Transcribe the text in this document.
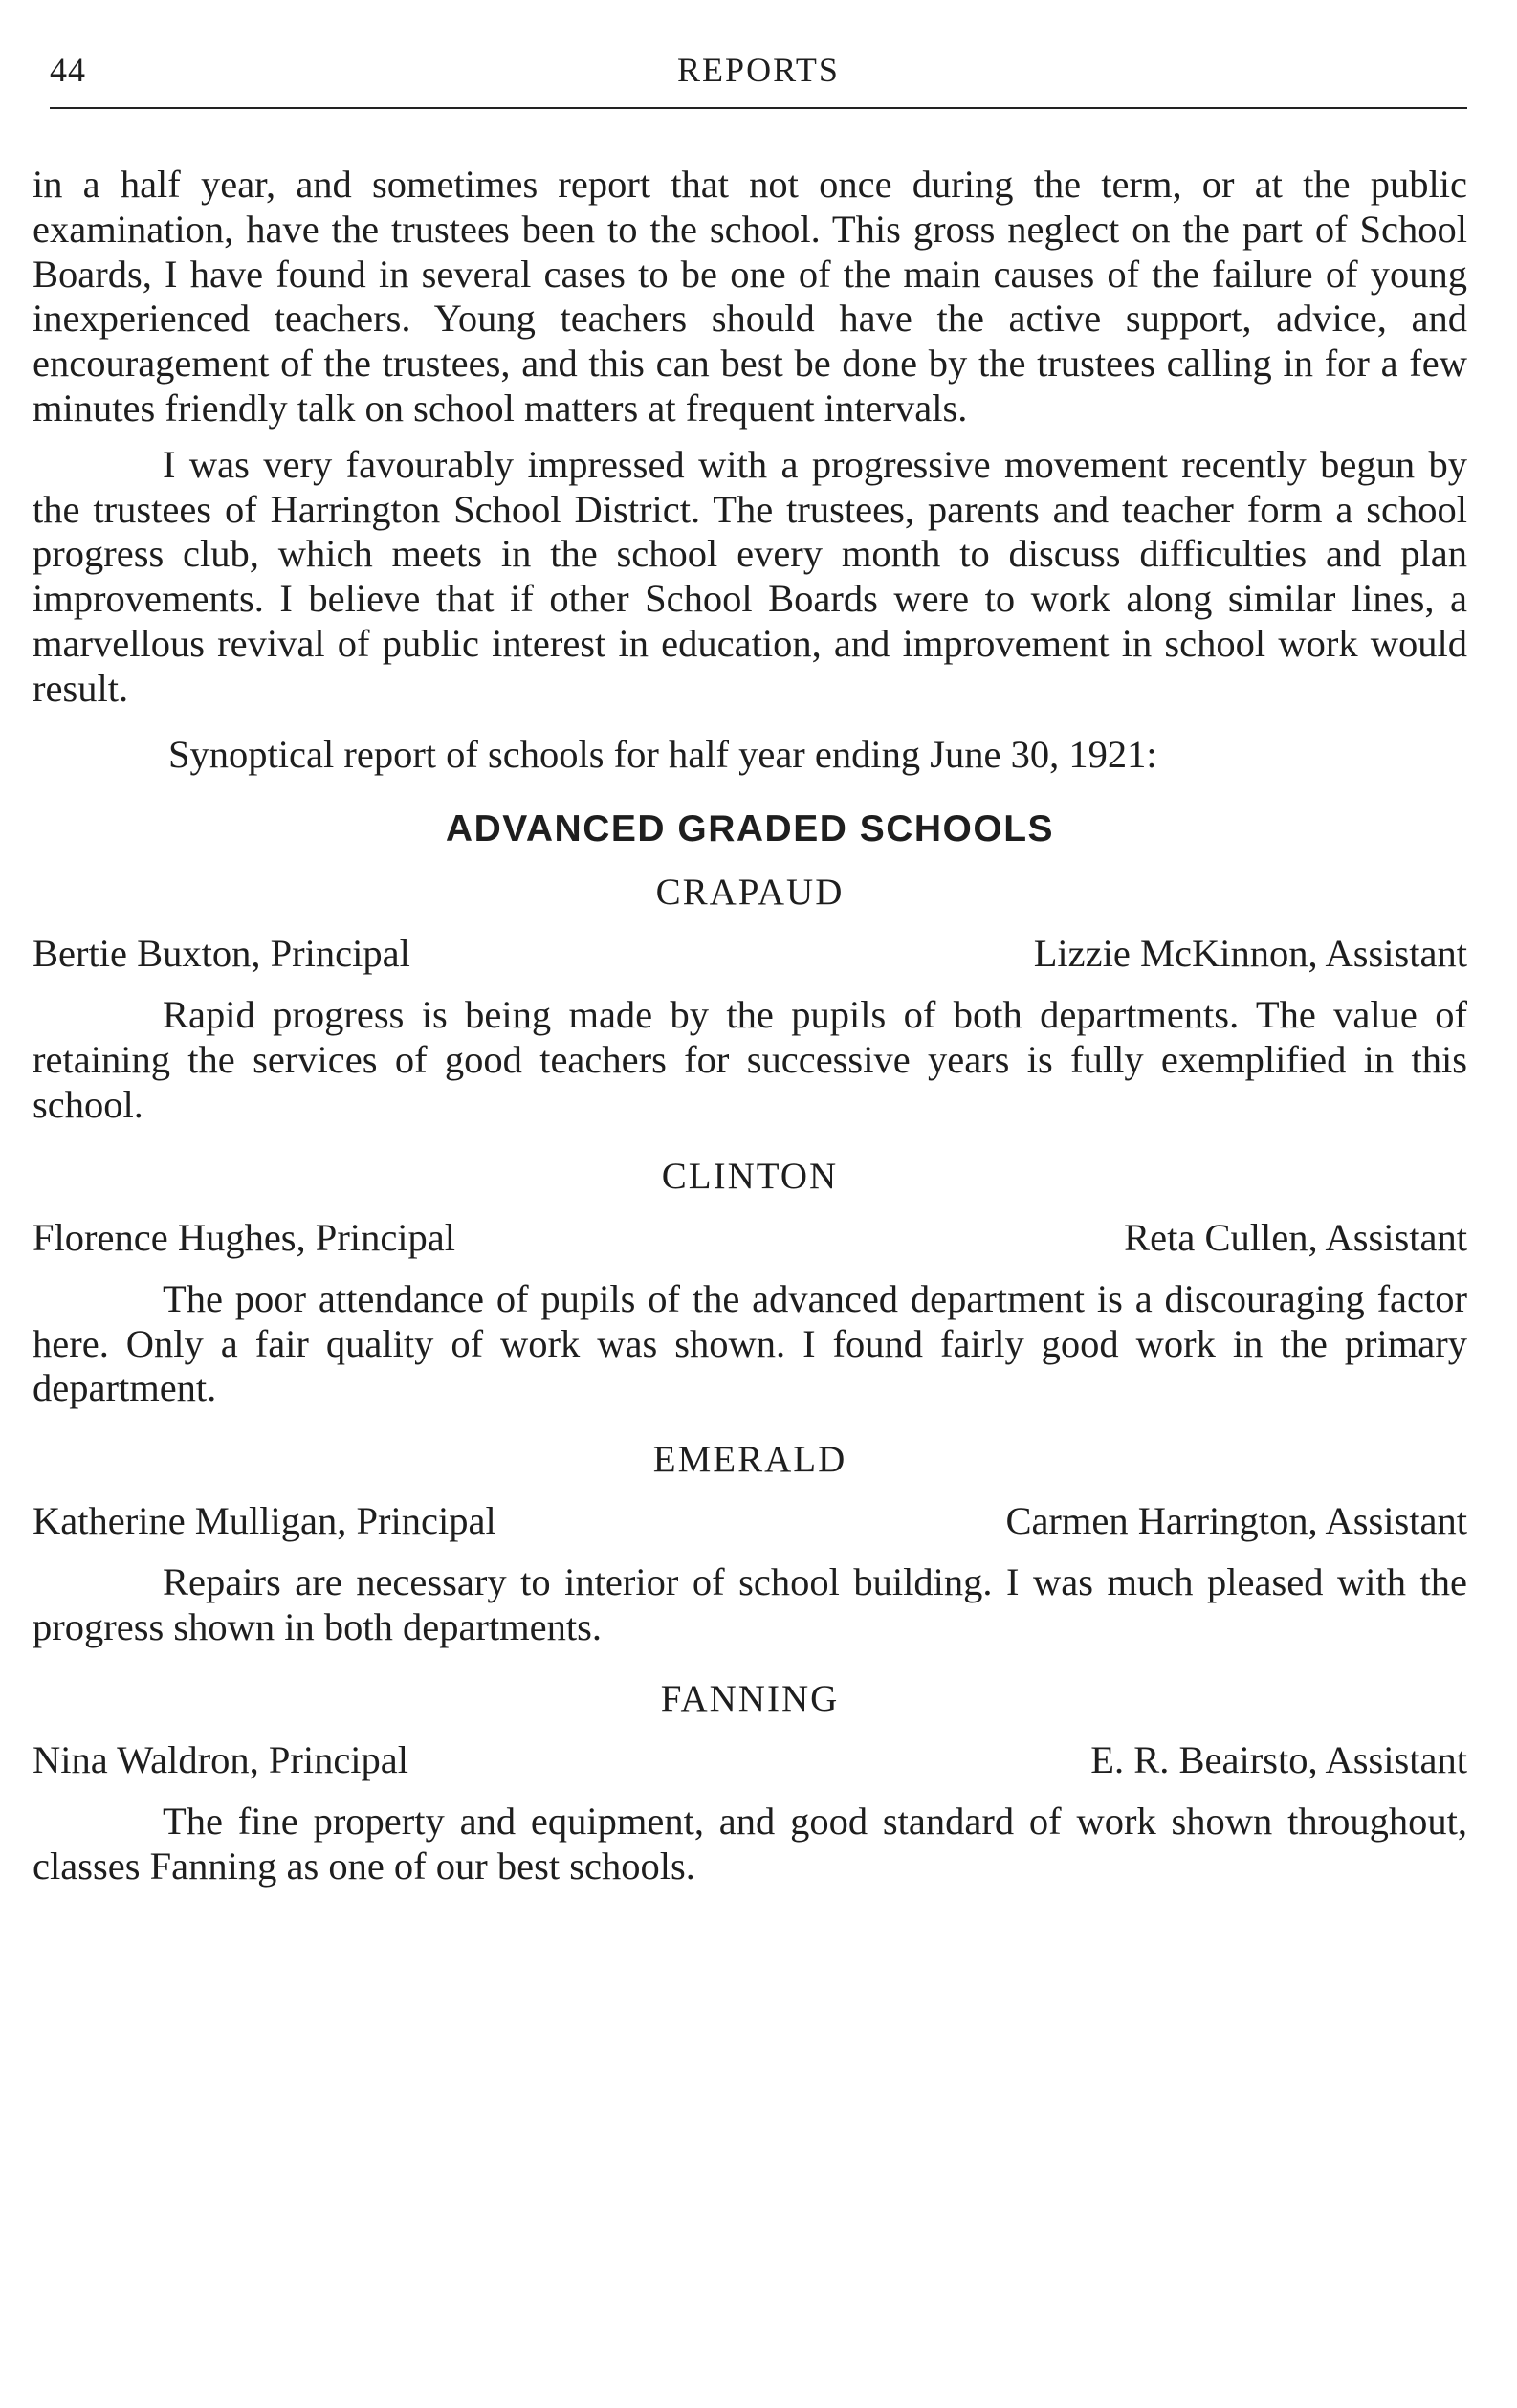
44	REPORTS

in a half year, and sometimes report that not once during the term, or at the public examination, have the trustees been to the school. This gross neglect on the part of School Boards, I have found in several cases to be one of the main causes of the failure of young inexperienced teachers. Young teachers should have the active support, advice, and encouragement of the trustees, and this can best be done by the trustees calling in for a few minutes friendly talk on school matters at frequent intervals.

I was very favourably impressed with a progressive movement recently begun by the trustees of Harrington School District. The trustees, parents and teacher form a school progress club, which meets in the school every month to discuss difficulties and plan improvements. I believe that if other School Boards were to work along similar lines, a marvellous revival of public interest in education, and improvement in school work would result.

Synoptical report of schools for half year ending June 30, 1921:

ADVANCED GRADED SCHOOLS

CRAPAUD

Bertie Buxton, Principal	Lizzie McKinnon, Assistant

Rapid progress is being made by the pupils of both departments. The value of retaining the services of good teachers for successive years is fully exemplified in this school.

CLINTON

Florence Hughes, Principal	Reta Cullen, Assistant

The poor attendance of pupils of the advanced department is a discouraging factor here. Only a fair quality of work was shown. I found fairly good work in the primary department.

EMERALD

Katherine Mulligan, Principal	Carmen Harrington, Assistant

Repairs are necessary to interior of school building. I was much pleased with the progress shown in both departments.

FANNING

Nina Waldron, Principal	E. R. Beairsto, Assistant

The fine property and equipment, and good standard of work shown throughout, classes Fanning as one of our best schools.
